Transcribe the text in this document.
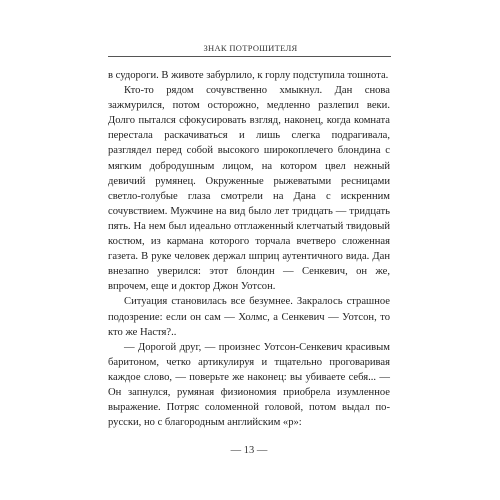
ЗНАК ПОТРОШИТЕЛЯ

в судороги. В животе забурлило, к горлу подступила тошнота.

Кто-то рядом сочувственно хмыкнул. Дан снова зажмурился, потом осторожно, медленно разлепил веки. Долго пытался сфокусировать взгляд, наконец, когда комната перестала раскачиваться и лишь слегка подрагивала, разглядел перед собой высокого широкоплечего блондина с мягким добродушным лицом, на котором цвел нежный девичий румянец. Окруженные рыжеватыми ресницами светло-голубые глаза смотрели на Дана с искренним сочувствием. Мужчине на вид было лет тридцать — тридцать пять. На нем был идеально отглаженный клетчатый твидовый костюм, из кармана которого торчала вчетверо сложенная газета. В руке человек держал шприц аутентичного вида. Дан внезапно уверился: этот блондин — Сенкевич, он же, впрочем, еще и доктор Джон Уотсон.

Ситуация становилась все безумнее. Закралось страшное подозрение: если он сам — Холмс, а Сенкевич — Уотсон, то кто же Настя?..

— Дорогой друг, — произнес Уотсон-Сенкевич красивым баритоном, четко артикулируя и тщательно проговаривая каждое слово, — поверьте же наконец: вы убиваете себя... — Он запнулся, румяная физиономия приобрела изумленное выражение. Потряс соломенной головой, потом выдал по-русски, но с благородным английским «р»:

— 13 —
